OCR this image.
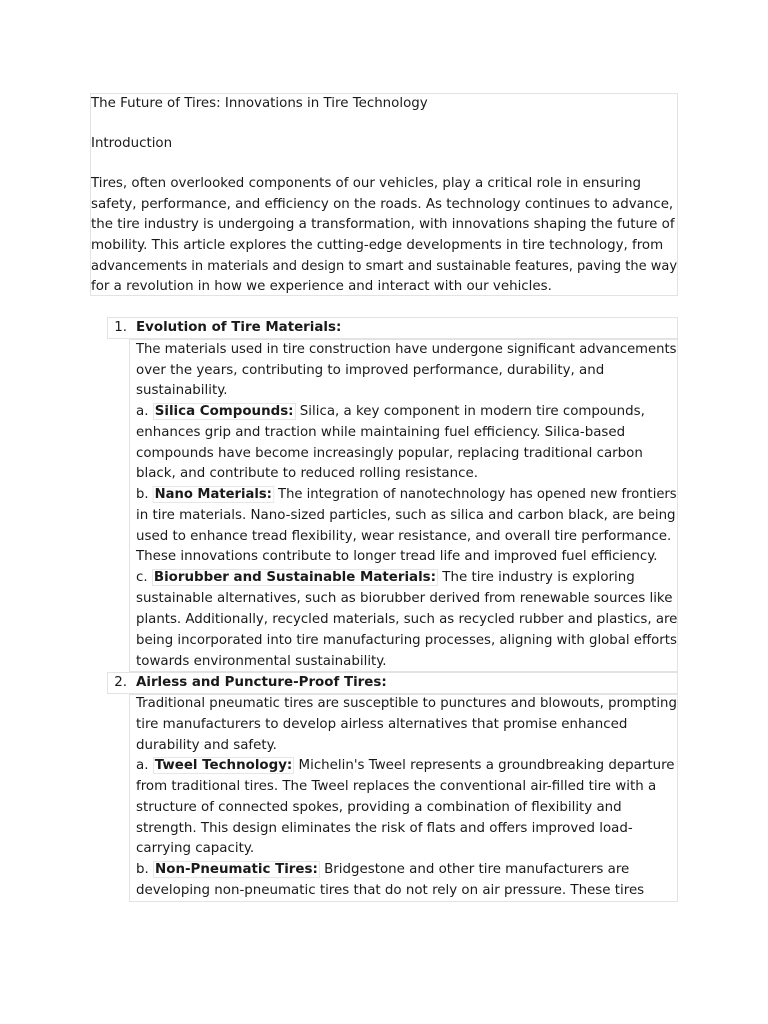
The Future of Tires: Innovations in Tire Technology
Introduction
Tires, often overlooked components of our vehicles, play a critical role in ensuring
safety, performance, and efficiency on the roads. As technology continues to advance,
the tire industry is undergoing a transformation, with innovations shaping the future of
mobility. This article explores the cutting-edge developments in tire technology, from
advancements in materials and design to smart and sustainable features, paving the way
for a revolution in how we experience and interact with our vehicles.
1. Evolution of Tire Materials:
The materials used in tire construction have undergone significant advancements
over the years, contributing to improved performance, durability, and
sustainability.
a. Silica Compounds: Silica, a key component in modern tire compounds,
enhances grip and traction while maintaining fuel efficiency. Silica-based
compounds have become increasingly popular, replacing traditional carbon
black, and contribute to reduced rolling resistance.
b. Nano Materials: The integration of nanotechnology has opened new frontiers
in tire materials. Nano-sized particles, such as silica and carbon black, are being
used to enhance tread flexibility, wear resistance, and overall tire performance.
These innovations contribute to longer tread life and improved fuel efficiency.
c. Biorubber and Sustainable Materials: The tire industry is exploring
sustainable alternatives, such as biorubber derived from renewable sources like
plants. Additionally, recycled materials, such as recycled rubber and plastics, are
being incorporated into tire manufacturing processes, aligning with global efforts
towards environmental sustainability.
2. Airless and Puncture-Proof Tires:
Traditional pneumatic tires are susceptible to punctures and blowouts, prompting
tire manufacturers to develop airless alternatives that promise enhanced
durability and safety.
a. Tweel Technology: Michelin's Tweel represents a groundbreaking departure
from traditional tires. The Tweel replaces the conventional air-filled tire with a
structure of connected spokes, providing a combination of flexibility and
strength. This design eliminates the risk of flats and offers improved load-
carrying capacity.
b. Non-Pneumatic Tires: Bridgestone and other tire manufacturers are
developing non-pneumatic tires that do not rely on air pressure. These tires
